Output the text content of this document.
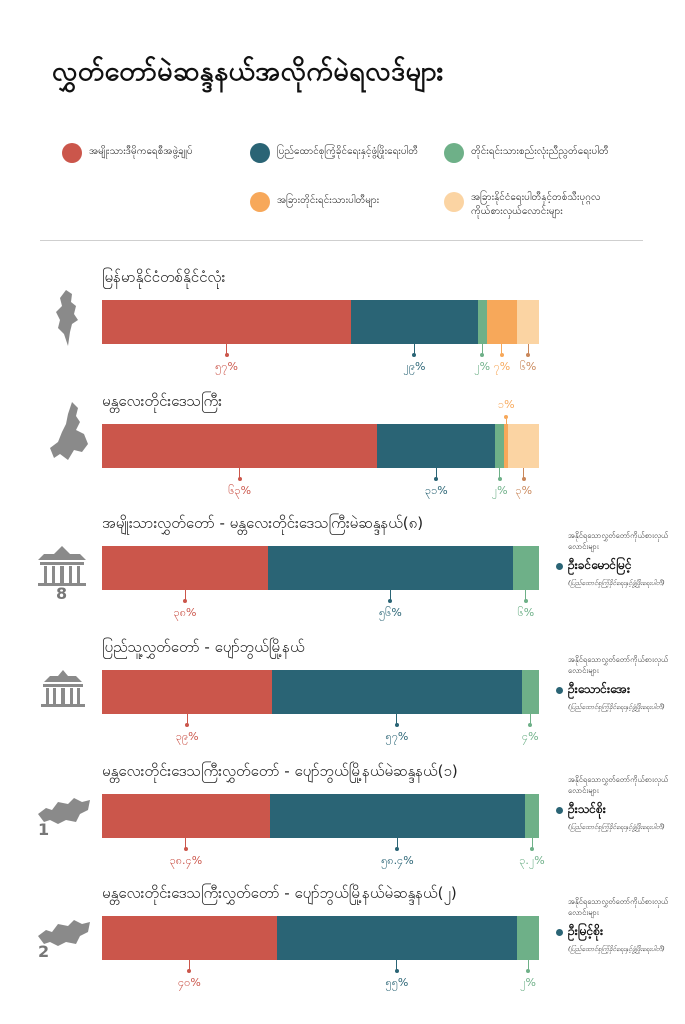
လွှတ်တော်မဲဆန္ဒနယ်အလိုက်မဲရလဒ်များ
အမျိုးသားဒီမိုကရေစီအဖွဲ့ချုပ်	ပြည်ထောင်စုကြံ့ခိုင်ရေးနှင့်ဖွံ့ဖြိုးရေးပါတီ	တိုင်းရင်းသားစည်းလုံးညီညွတ်ရေးပါတီ
အခြားတိုင်းရင်းသားပါတီများ	အခြားနိုင်ငံရေးပါတီနှင့်တစ်သီးပုဂ္ဂလကိုယ်စားလှယ်လောင်းများ
8
1
2
မြန်မာနိုင်ငံတစ်နိုင်ငံလုံး
၅၇%	၂၉%	၂% ၇% ၆%
မန္တလေးတိုင်းဒေသကြီး
၆၃%	၃၁%	၂%
၁%
၃%
အမျိုးသားလွှတ်တော် - မန္တလေးတိုင်းဒေသကြီးမဲဆန္ဒနယ်(၈)
၃၈%	၅၆%	၆%
ပြည်သူ့လွှတ်တော် - ပျော်ဘွယ်မြို့နယ်
၃၉%	၅၇%	၄%
မန္တလေးတိုင်းဒေသကြီးလွှတ်တော် - ပျော်ဘွယ်မြို့နယ်မဲဆန္ဒနယ်(၁)
၃၈.၄%	၅၈.၄%	၃.၂%
မန္တလေးတိုင်းဒေသကြီးလွှတ်တော် - ပျော်ဘွယ်မြို့နယ်မဲဆန္ဒနယ်(၂)
၄၀%	၅၅%	၂%
အနိုင်ရသောလွှတ်တော်ကိုယ်စားလှယ်လောင်းများ
ဦးခင်မောင်မြင့်
(ပြည်ထောင်စုကြံ့ခိုင်ရေးနှင့်ဖွံ့ဖြိုးရေးပါတီ)
အနိုင်ရသောလွှတ်တော်ကိုယ်စားလှယ်လောင်းများ
ဦးသောင်းအေး
(ပြည်ထောင်စုကြံ့ခိုင်ရေးနှင့်ဖွံ့ဖြိုးရေးပါတီ)
အနိုင်ရသောလွှတ်တော်ကိုယ်စားလှယ်လောင်းများ
ဦးသင်စိုး
(ပြည်ထောင်စုကြံ့ခိုင်ရေးနှင့်ဖွံ့ဖြိုးရေးပါတီ)
အနိုင်ရသောလွှတ်တော်ကိုယ်စားလှယ်လောင်းများ
ဦးမြင့်စိုး
(ပြည်ထောင်စုကြံ့ခိုင်ရေးနှင့်ဖွံ့ဖြိုးရေးပါတီ)
